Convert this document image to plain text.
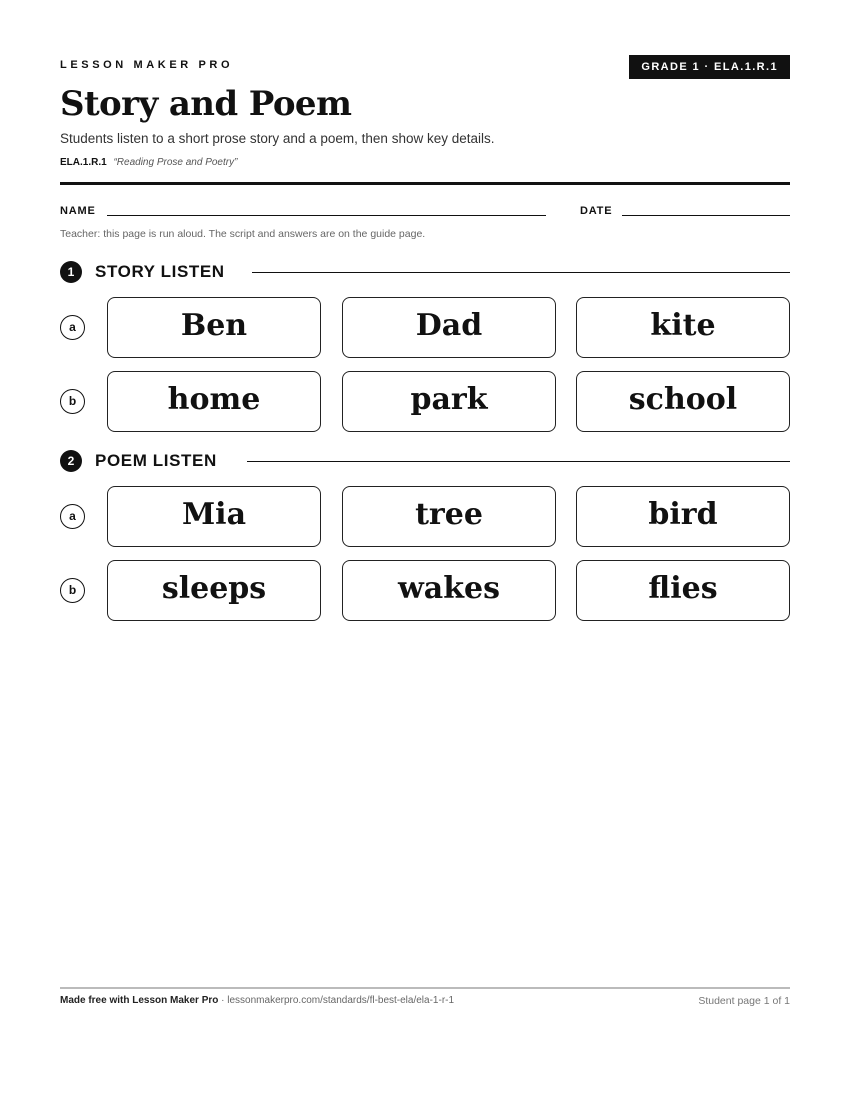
LESSON MAKER PRO	GRADE 1 · ELA.1.R.1
Story and Poem
Students listen to a short prose story and a poem, then show key details.
ELA.1.R.1 “Reading Prose and Poetry”
NAME	DATE
Teacher: this page is run aloud. The script and answers are on the guide page.
1	STORY LISTEN
a	Ben	Dad	kite
b	home	park	school
2	POEM LISTEN
a	Mia	tree	bird
b	sleeps	wakes	flies
Made free with Lesson Maker Pro · lessonmakerpro.com/standards/fl-best-ela/ela-1-r-1	Student page 1 of 1
